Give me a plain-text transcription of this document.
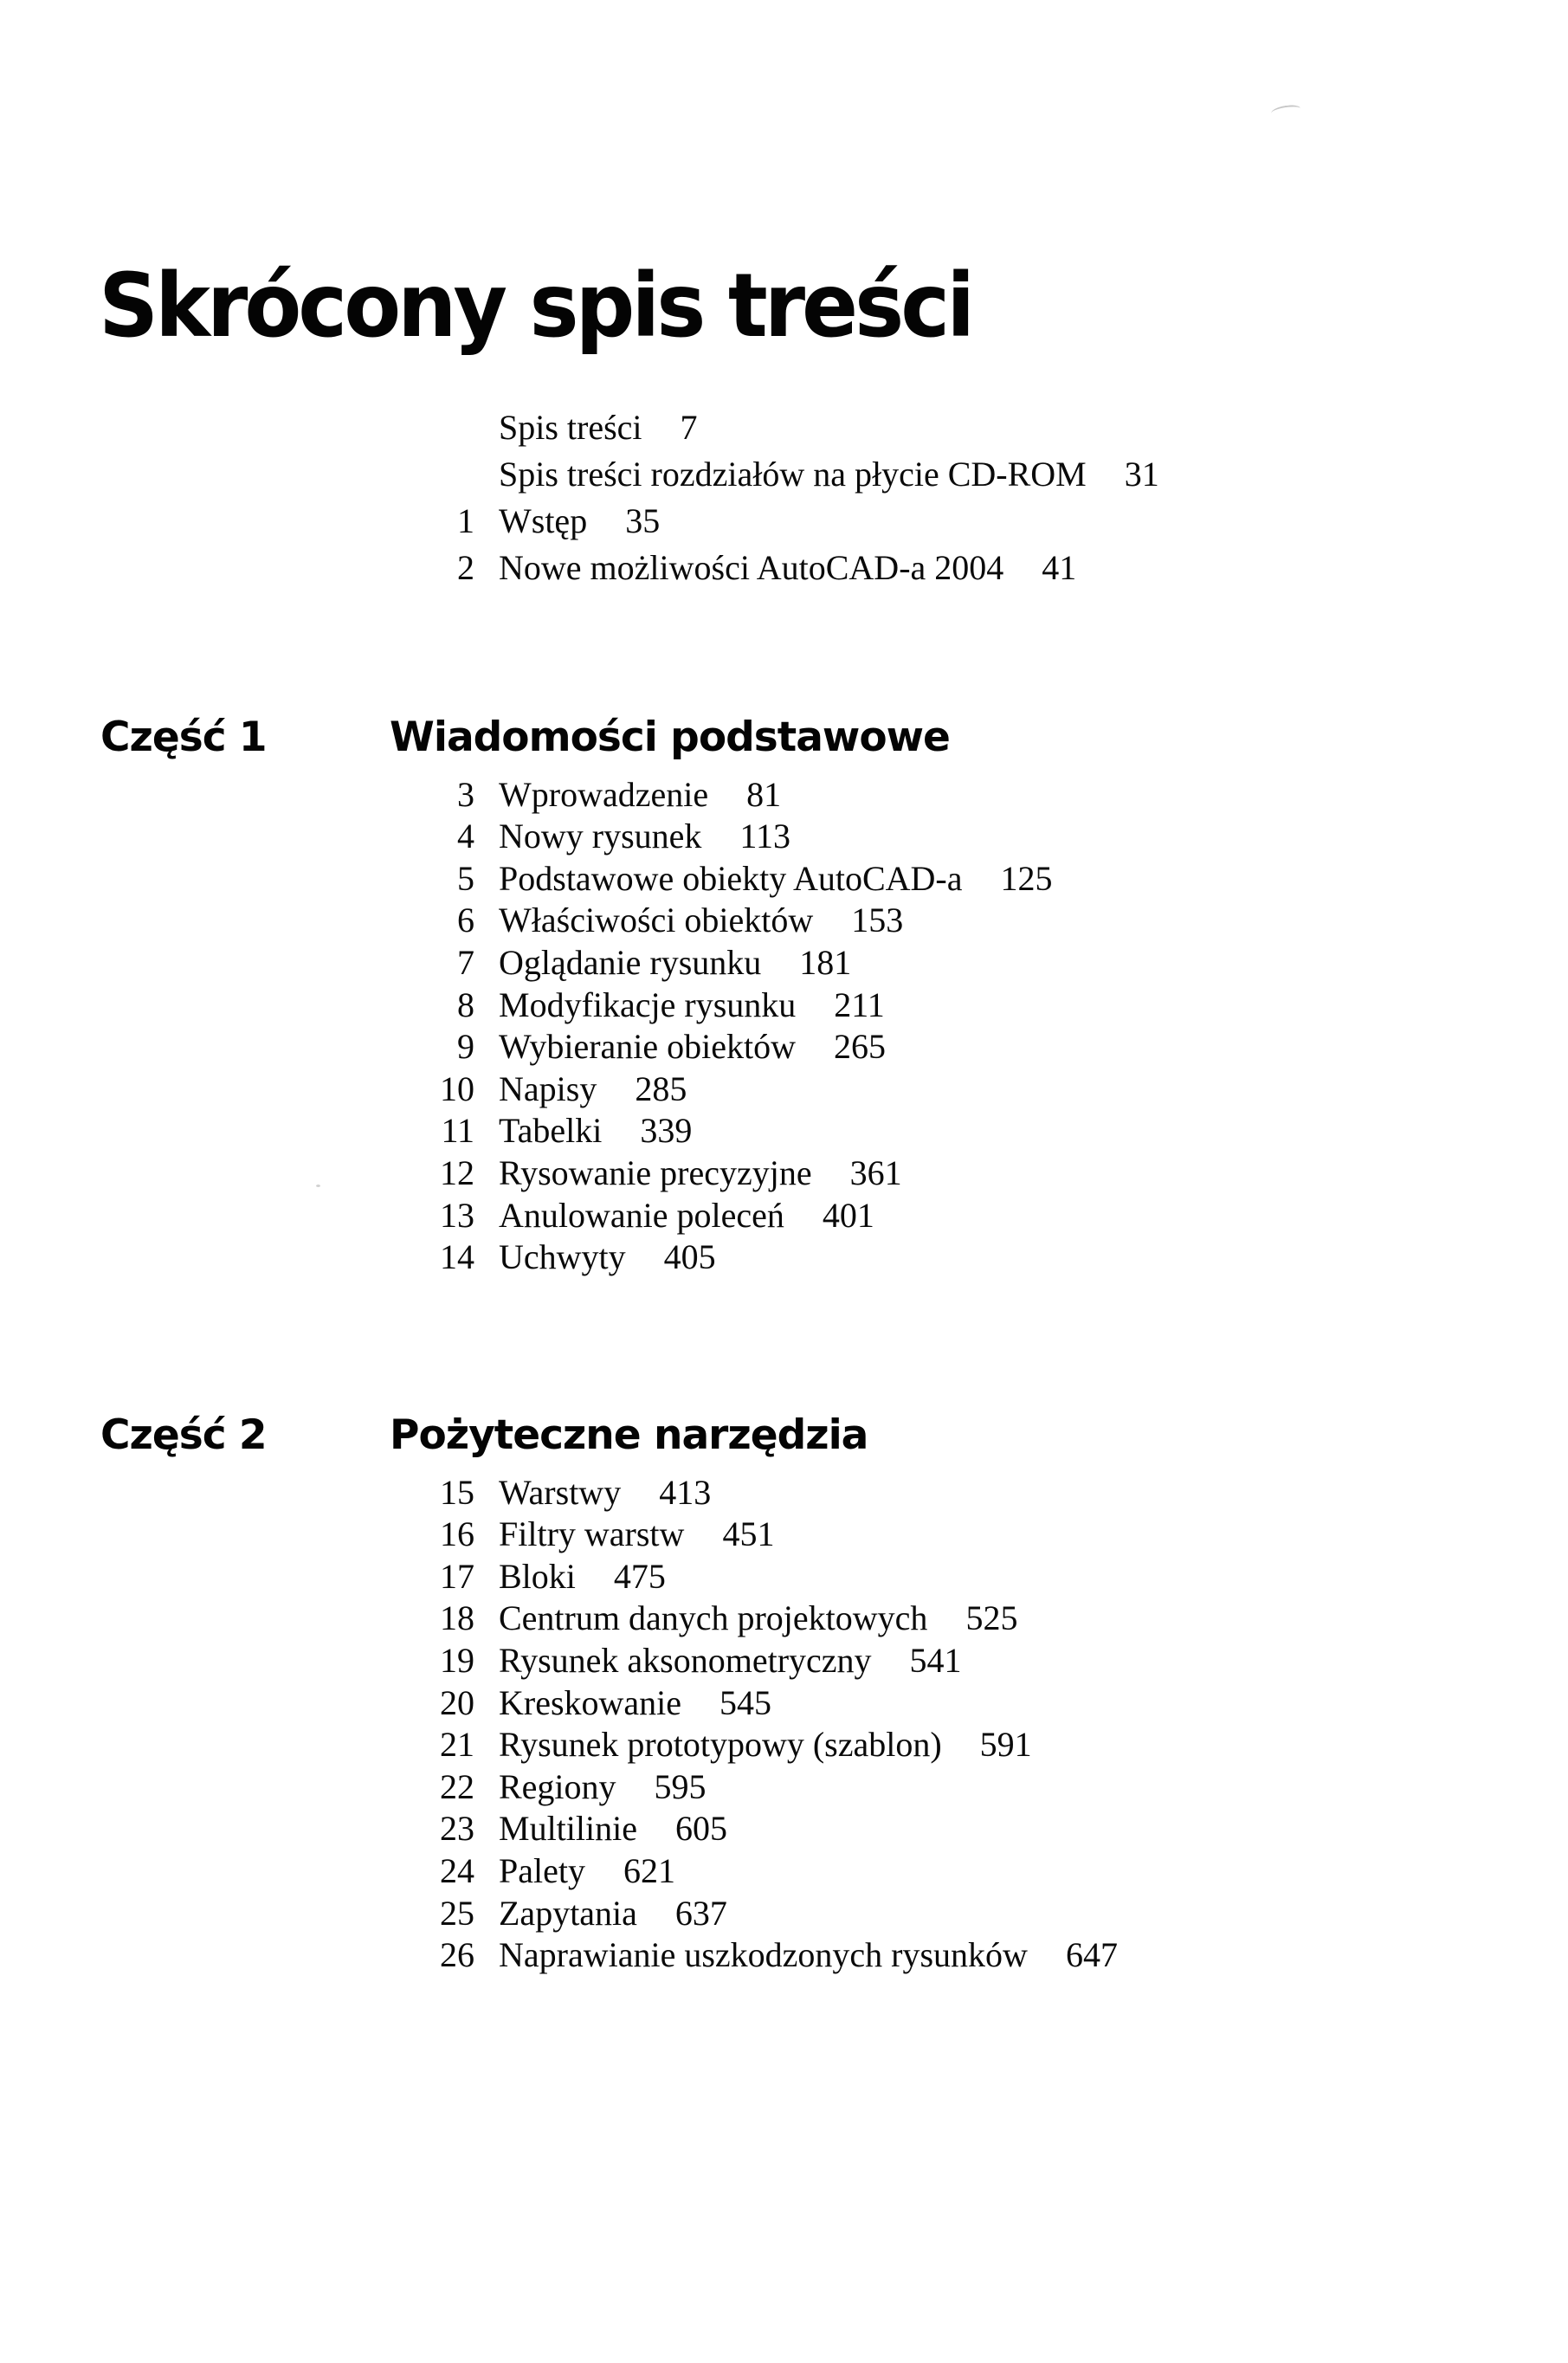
Skrócony spis treści
Spis treści 7
Spis treści rozdziałów na płycie CD-ROM 31
1 Wstęp 35
2 Nowe możliwości AutoCAD-a 2004 41
Część 1	Wiadomości podstawowe
3 Wprowadzenie 81
4 Nowy rysunek 113
5 Podstawowe obiekty AutoCAD-a 125
6 Właściwości obiektów 153
7 Oglądanie rysunku 181
8 Modyfikacje rysunku 211
9 Wybieranie obiektów 265
10 Napisy 285
11 Tabelki 339
12 Rysowanie precyzyjne 361
13 Anulowanie poleceń 401
14 Uchwyty 405
Część 2	Pożyteczne narzędzia
15 Warstwy 413
16 Filtry warstw 451
17 Bloki 475
18 Centrum danych projektowych 525
19 Rysunek aksonometryczny 541
20 Kreskowanie 545
21 Rysunek prototypowy (szablon) 591
22 Regiony 595
23 Multilinie 605
24 Palety 621
25 Zapytania 637
26 Naprawianie uszkodzonych rysunków 647
